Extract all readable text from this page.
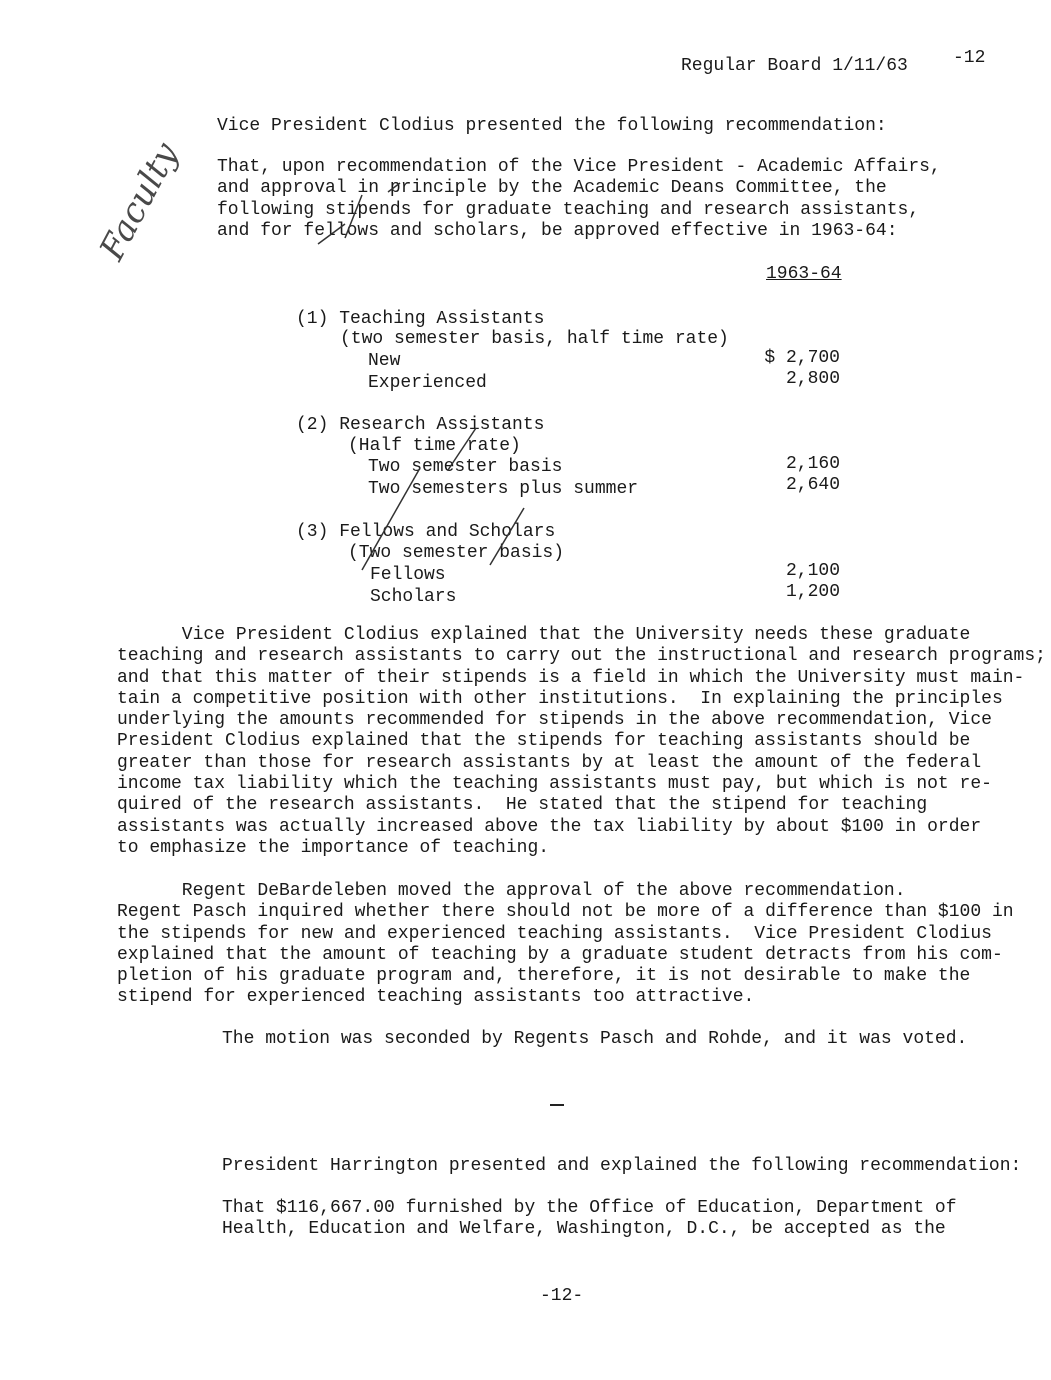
Regular Board 1/11/63	-12
Faculty
Vice President Clodius presented the following recommendation:
That, upon recommendation of the Vice President - Academic Affairs,
and approval in principle by the Academic Deans Committee, the
following stipends for graduate teaching and research assistants,
and for fellows and scholars, be approved effective in 1963-64:
1963-64
(1) Teaching Assistants
(two semester basis, half time rate)
New	$ 2,700
Experienced	2,800
(2) Research Assistants
(Half time rate)
Two semester basis	2,160
Two semesters plus summer	2,640
(3) Fellows and Scholars
(Two semester basis)
Fellows	2,100
Scholars	1,200
Vice President Clodius explained that the University needs these graduate
teaching and research assistants to carry out the instructional and research programs;
and that this matter of their stipends is a field in which the University must main-
tain a competitive position with other institutions.  In explaining the principles
underlying the amounts recommended for stipends in the above recommendation, Vice
President Clodius explained that the stipends for teaching assistants should be
greater than those for research assistants by at least the amount of the federal
income tax liability which the teaching assistants must pay, but which is not re-
quired of the research assistants.  He stated that the stipend for teaching
assistants was actually increased above the tax liability by about $100 in order
to emphasize the importance of teaching.
Regent DeBardeleben moved the approval of the above recommendation.
Regent Pasch inquired whether there should not be more of a difference than $100 in
the stipends for new and experienced teaching assistants.  Vice President Clodius
explained that the amount of teaching by a graduate student detracts from his com-
pletion of his graduate program and, therefore, it is not desirable to make the
stipend for experienced teaching assistants too attractive.
The motion was seconded by Regents Pasch and Rohde, and it was voted.
President Harrington presented and explained the following recommendation:
That $116,667.00 furnished by the Office of Education, Department of
Health, Education and Welfare, Washington, D.C., be accepted as the
-12-
